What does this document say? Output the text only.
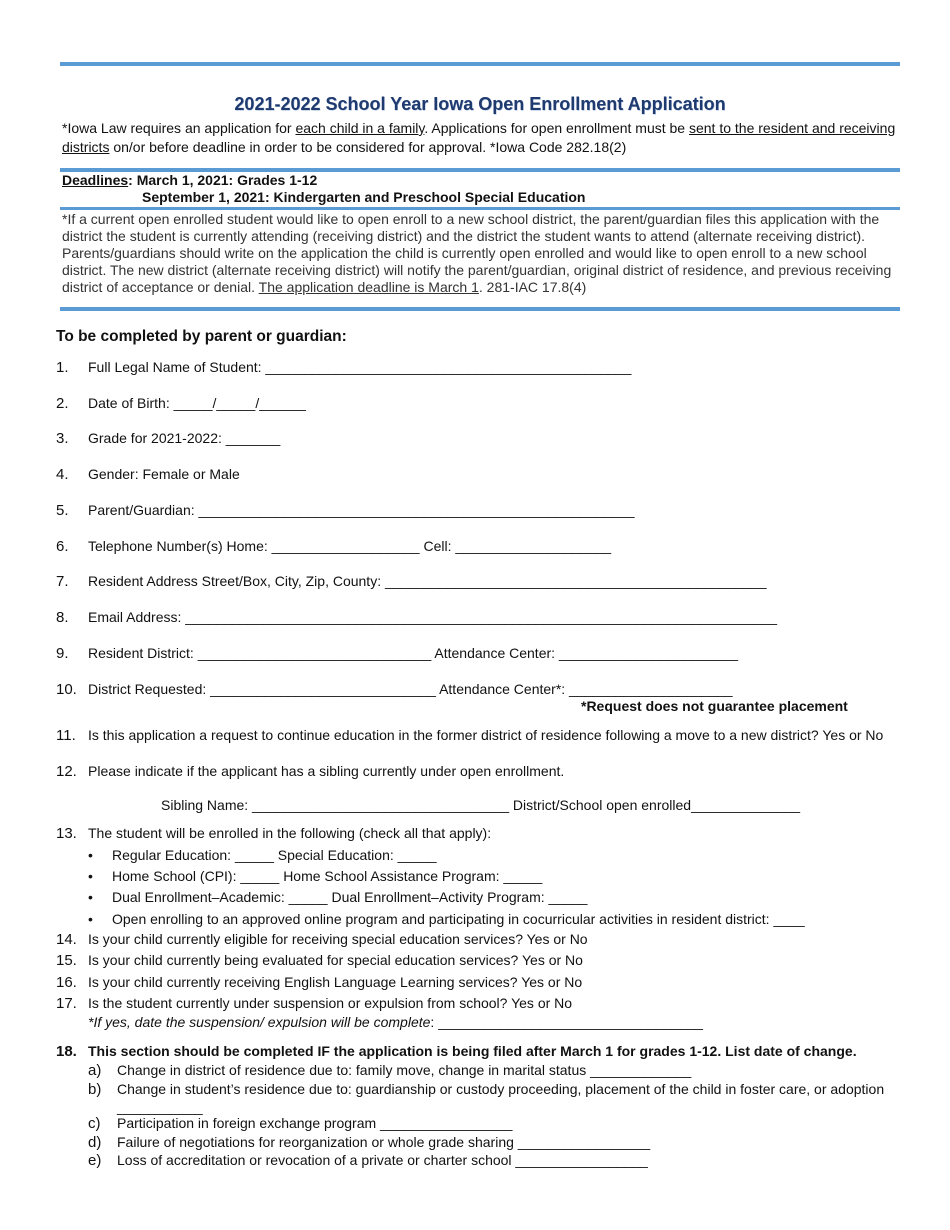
2021-2022 School Year Iowa Open Enrollment Application
*Iowa Law requires an application for each child in a family. Applications for open enrollment must be sent to the resident and receiving districts on/or before deadline in order to be considered for approval. *Iowa Code 282.18(2)
Deadlines: March 1, 2021: Grades 1-12
September 1, 2021: Kindergarten and Preschool Special Education
*If a current open enrolled student would like to open enroll to a new school district, the parent/guardian files this application with the district the student is currently attending (receiving district) and the district the student wants to attend (alternate receiving district). Parents/guardians should write on the application the child is currently open enrolled and would like to open enroll to a new school district. The new district (alternate receiving district) will notify the parent/guardian, original district of residence, and previous receiving district of acceptance or denial. The application deadline is March 1. 281-IAC 17.8(4)
To be completed by parent or guardian:
1. Full Legal Name of Student: _______________________________________________
2. Date of Birth: _____/_____/______
3. Grade for 2021-2022: _______
4. Gender: Female or Male
5. Parent/Guardian: ________________________________________________________
6. Telephone Number(s) Home: ___________________ Cell: ____________________
7. Resident Address Street/Box, City, Zip, County: _________________________________________________
8. Email Address: ____________________________________________________________________________
9. Resident District: ______________________________ Attendance Center: _______________________
10. District Requested: _____________________________ Attendance Center*: _____________________
*Request does not guarantee placement
11. Is this application a request to continue education in the former district of residence following a move to a new district? Yes or No
12. Please indicate if the applicant has a sibling currently under open enrollment.
Sibling Name: _________________________________ District/School open enrolled______________
13. The student will be enrolled in the following (check all that apply):
• Regular Education: _____ Special Education: _____
• Home School (CPI): _____ Home School Assistance Program: _____
• Dual Enrollment–Academic: _____ Dual Enrollment–Activity Program: _____
• Open enrolling to an approved online program and participating in cocurricular activities in resident district: ____
14. Is your child currently eligible for receiving special education services? Yes or No
15. Is your child currently being evaluated for special education services? Yes or No
16. Is your child currently receiving English Language Learning services? Yes or No
17. Is the student currently under suspension or expulsion from school? Yes or No
*If yes, date the suspension/ expulsion will be complete: __________________________________
18. This section should be completed IF the application is being filed after March 1 for grades 1-12. List date of change.
a) Change in district of residence due to: family move, change in marital status _____________
b) Change in student’s residence due to: guardianship or custody proceeding, placement of the child in foster care, or adoption
___________
c) Participation in foreign exchange program _________________
d) Failure of negotiations for reorganization or whole grade sharing _________________
e) Loss of accreditation or revocation of a private or charter school _________________
